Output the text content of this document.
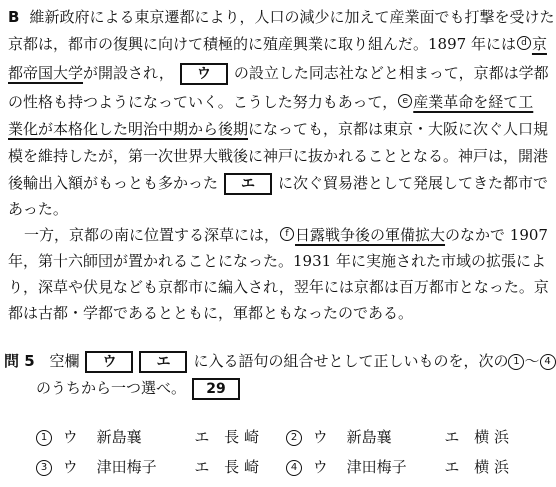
B 維新政府による東京遷都により，人口の減少に加えて産業面でも打撃を受けた
京都は，都市の復興に向けて積極的に殖産興業に取り組んだ。1897 年には d 京
都帝国大学が開設され， ウ の設立した同志社などと相まって，京都は学都
の性格も持つようになっていく。こうした努力もあって， e 産業革命を経て工
業化が本格化した明治中期から後期になっても，京都は東京・大阪に次ぐ人口規
模を維持したが，第一次世界大戦後に神戸に抜かれることとなる。神戸は，開港
後輸出入額がもっとも多かった エ に次ぐ貿易港として発展してきた都市で
あった。
一方，京都の南に位置する深草には， f 日露戦争後の軍備拡大のなかで 1907
年，第十六師団が置かれることになった。1931 年に実施された市域の拡張によ
り，深草や伏見なども京都市に編入され，翌年には京都は百万都市となった。京
都は古都・学都であるとともに，軍都ともなったのである。
問 5 空欄 ウ	エ に入る語句の組合せとして正しいものを，次の 1 〜 4
のうちから一つ選べ。 29
1 ウ 新島襄	エ 長 崎	2 ウ 新島襄	エ 横 浜
3 ウ 津田梅子	エ 長 崎	4 ウ 津田梅子	エ 横 浜
